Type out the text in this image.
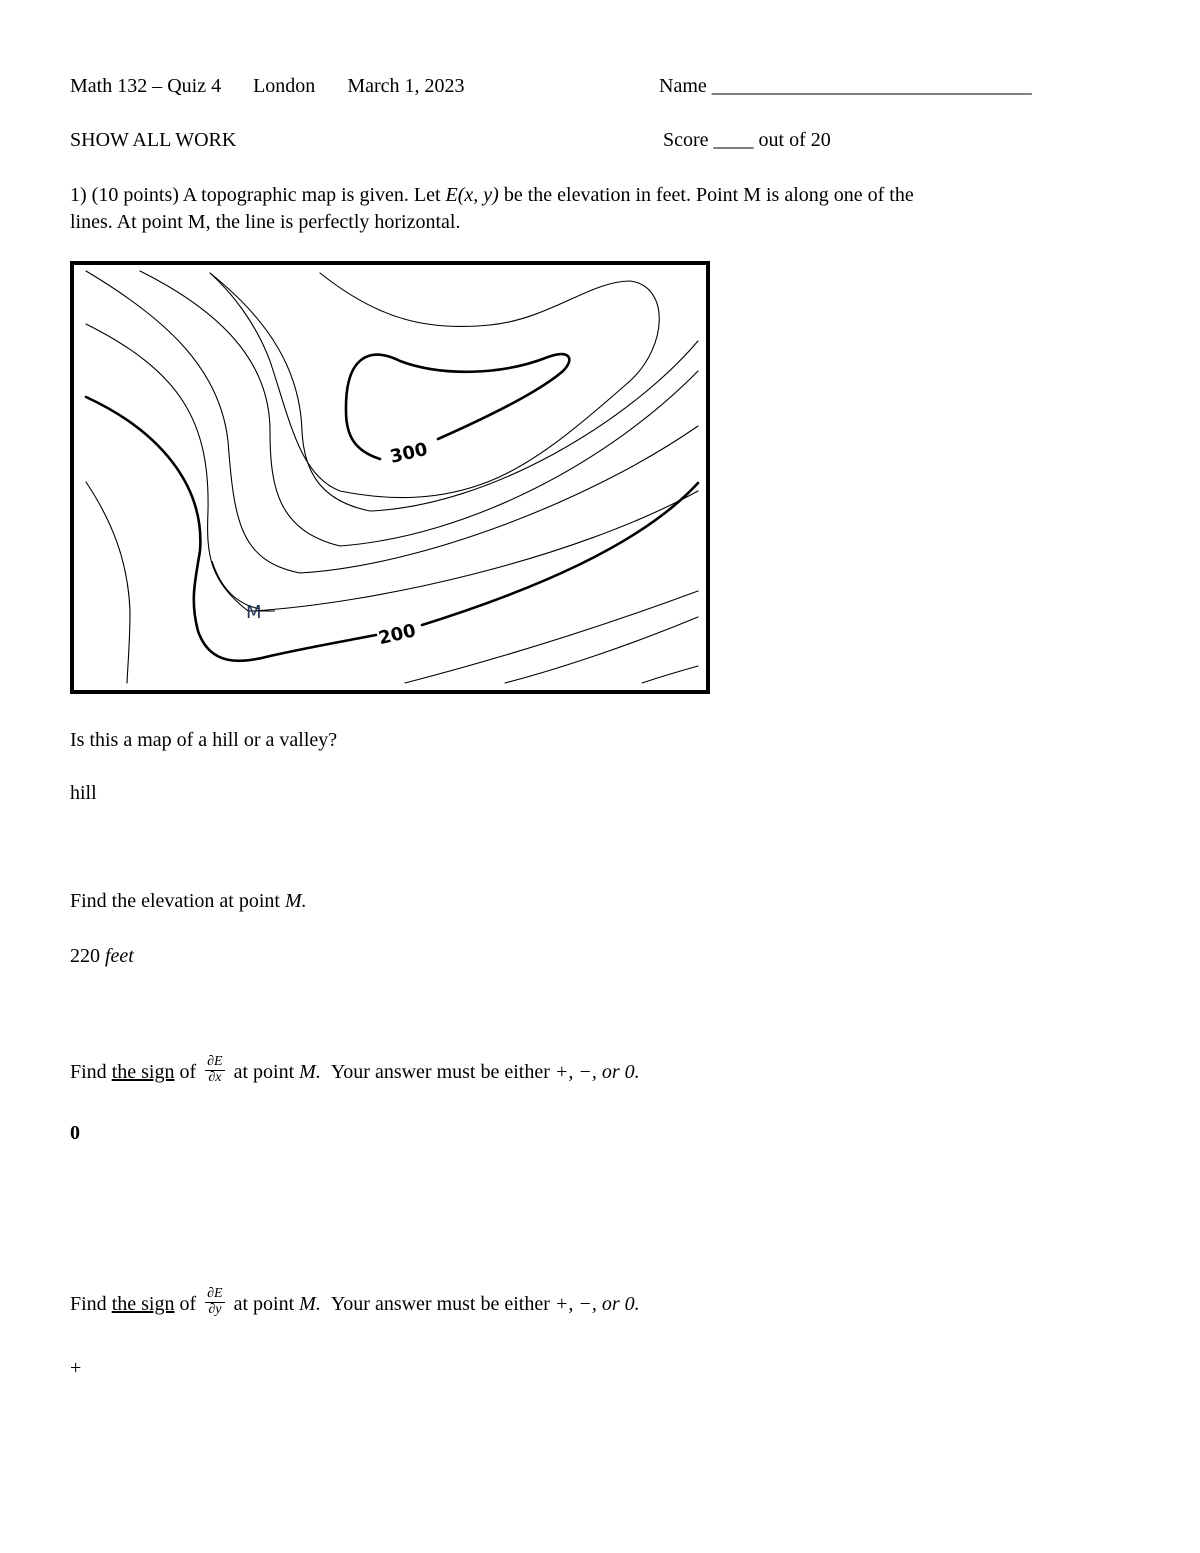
Math 132 – Quiz 4 London March 1, 2023	Name ________________________________
SHOW ALL WORK	Score ____ out of 20
1) (10 points) A topographic map is given. Let E(x, y) be the elevation in feet. Point M is along one of the
lines. At point M, the line is perfectly horizontal.
300
200
M
Is this a map of a hill or a valley?
hill
Find the elevation at point M.
220 feet
Find the sign of $\frac{\partial E}{\partial x}$ at point M. Your answer must be either +, −, or 0.
0
Find the sign of $\frac{\partial E}{\partial y}$ at point M. Your answer must be either +, −, or 0.
+
